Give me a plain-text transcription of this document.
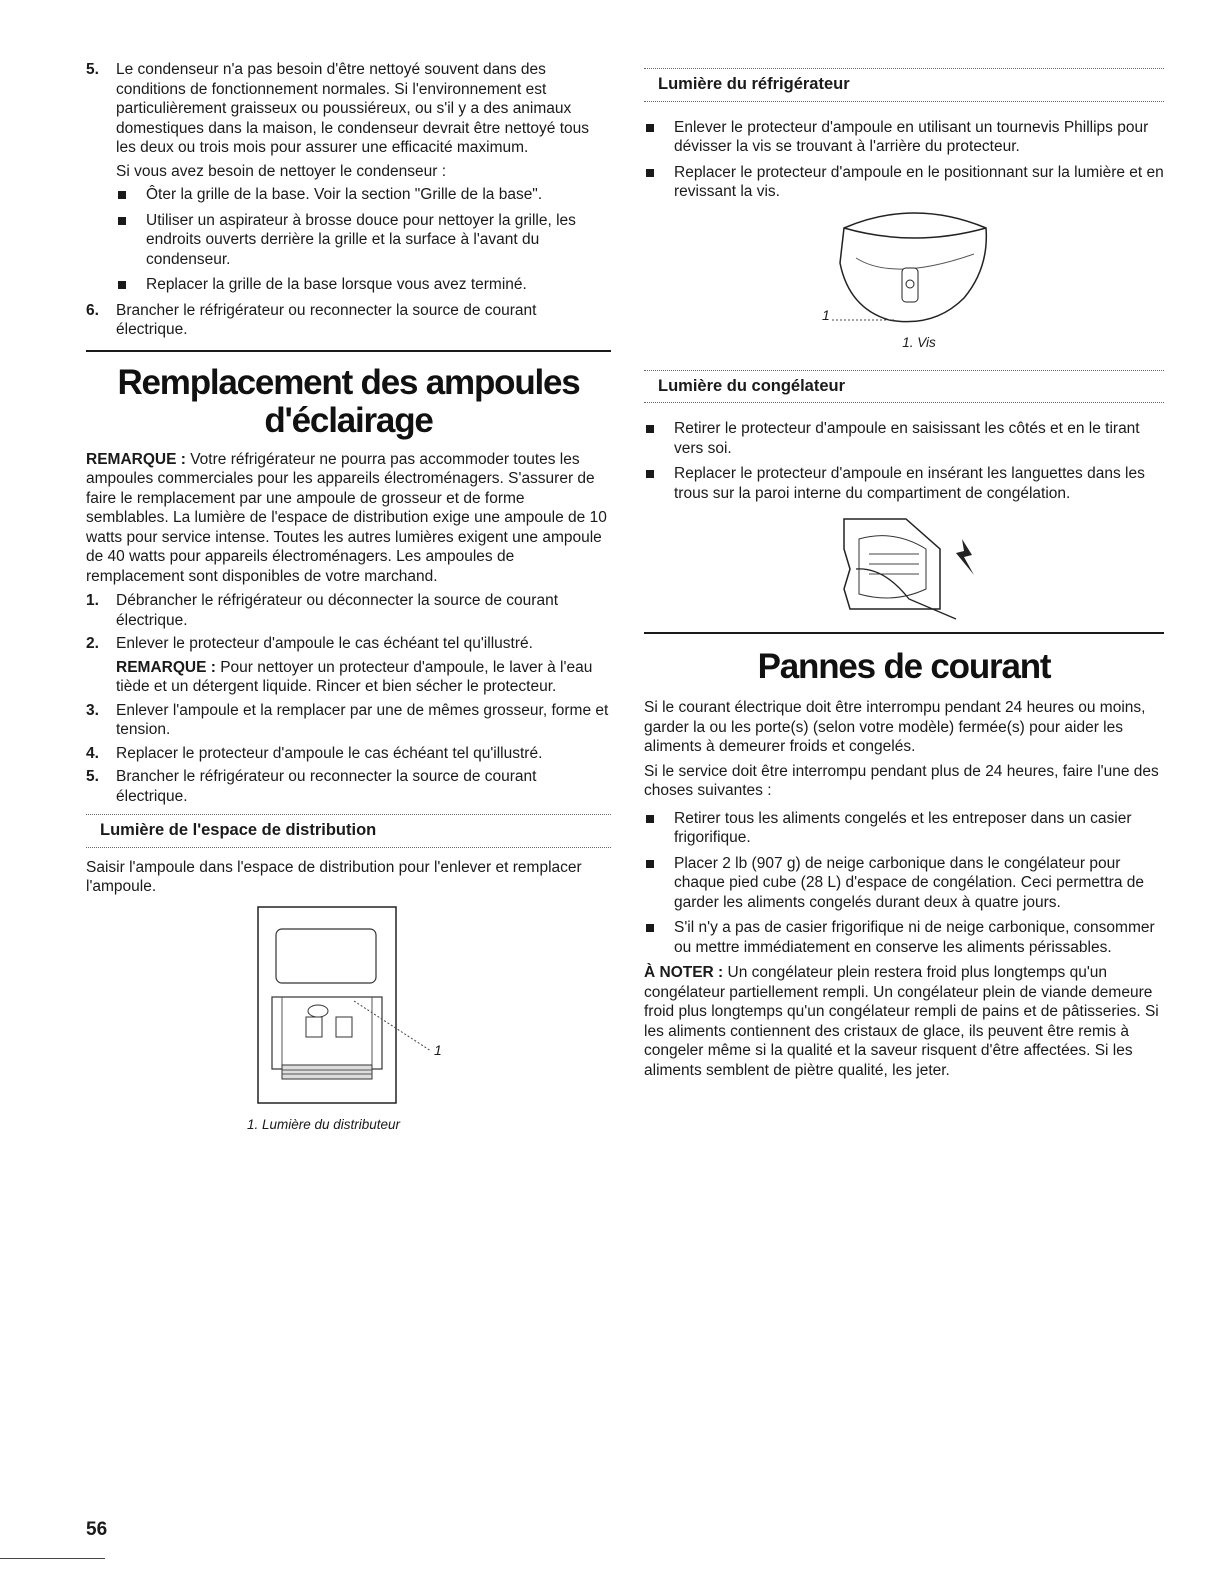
5. Le condenseur n'a pas besoin d'être nettoyé souvent dans des conditions de fonctionnement normales. Si l'environnement est particulièrement graisseux ou poussiéreux, ou s'il y a des animaux domestiques dans la maison, le condenseur devrait être nettoyé tous les deux ou trois mois pour assurer une efficacité maximum.

Si vous avez besoin de nettoyer le condenseur :

Ôter la grille de la base. Voir la section "Grille de la base".
Utiliser un aspirateur à brosse douce pour nettoyer la grille, les endroits ouverts derrière la grille et la surface à l'avant du condenseur.
Replacer la grille de la base lorsque vous avez terminé.
6. Brancher le réfrigérateur ou reconnecter la source de courant électrique.

Remplacement des ampoules d'éclairage

REMARQUE : Votre réfrigérateur ne pourra pas accommoder toutes les ampoules commerciales pour les appareils électroménagers. S'assurer de faire le remplacement par une ampoule de grosseur et de forme semblables. La lumière de l'espace de distribution exige une ampoule de 10 watts pour service intense. Toutes les autres lumières exigent une ampoule de 40 watts pour appareils électroménagers. Les ampoules de remplacement sont disponibles de votre marchand.

1. Débrancher le réfrigérateur ou déconnecter la source de courant électrique.

2. Enlever le protecteur d'ampoule le cas échéant tel qu'illustré.

REMARQUE : Pour nettoyer un protecteur d'ampoule, le laver à l'eau tiède et un détergent liquide. Rincer et bien sécher le protecteur.

3. Enlever l'ampoule et la remplacer par une de mêmes grosseur, forme et tension.

4. Replacer le protecteur d'ampoule le cas échéant tel qu'illustré.

5. Brancher le réfrigérateur ou reconnecter la source de courant électrique.

Lumière de l'espace de distribution

Saisir l'ampoule dans l'espace de distribution pour l'enlever et remplacer l'ampoule.

1
1. Lumière du distributeur
Lumière du réfrigérateur
Enlever le protecteur d'ampoule en utilisant un tournevis Phillips pour dévisser la vis se trouvant à l'arrière du protecteur.
Replacer le protecteur d'ampoule en le positionnant sur la lumière et en revissant la vis.
1
1. Vis
Lumière du congélateur
Retirer le protecteur d'ampoule en saisissant les côtés et en le tirant vers soi.
Replacer le protecteur d'ampoule en insérant les languettes dans les trous sur la paroi interne du compartiment de congélation.
Pannes de courant

Si le courant électrique doit être interrompu pendant 24 heures ou moins, garder la ou les porte(s) (selon votre modèle) fermée(s) pour aider les aliments à demeurer froids et congelés.

Si le service doit être interrompu pendant plus de 24 heures, faire l'une des choses suivantes :

Retirer tous les aliments congelés et les entreposer dans un casier frigorifique.
Placer 2 lb (907 g) de neige carbonique dans le congélateur pour chaque pied cube (28 L) d'espace de congélation. Ceci permettra de garder les aliments congelés durant deux à quatre jours.
S'il n'y a pas de casier frigorifique ni de neige carbonique, consommer ou mettre immédiatement en conserve les aliments périssables.

À NOTER : Un congélateur plein restera froid plus longtemps qu'un congélateur partiellement rempli. Un congélateur plein de viande demeure froid plus longtemps qu'un congélateur rempli de pains et de pâtisseries. Si les aliments contiennent des cristaux de glace, ils peuvent être remis à congeler même si la qualité et la saveur risquent d'être affectées. Si les aliments semblent de piètre qualité, les jeter.

56
